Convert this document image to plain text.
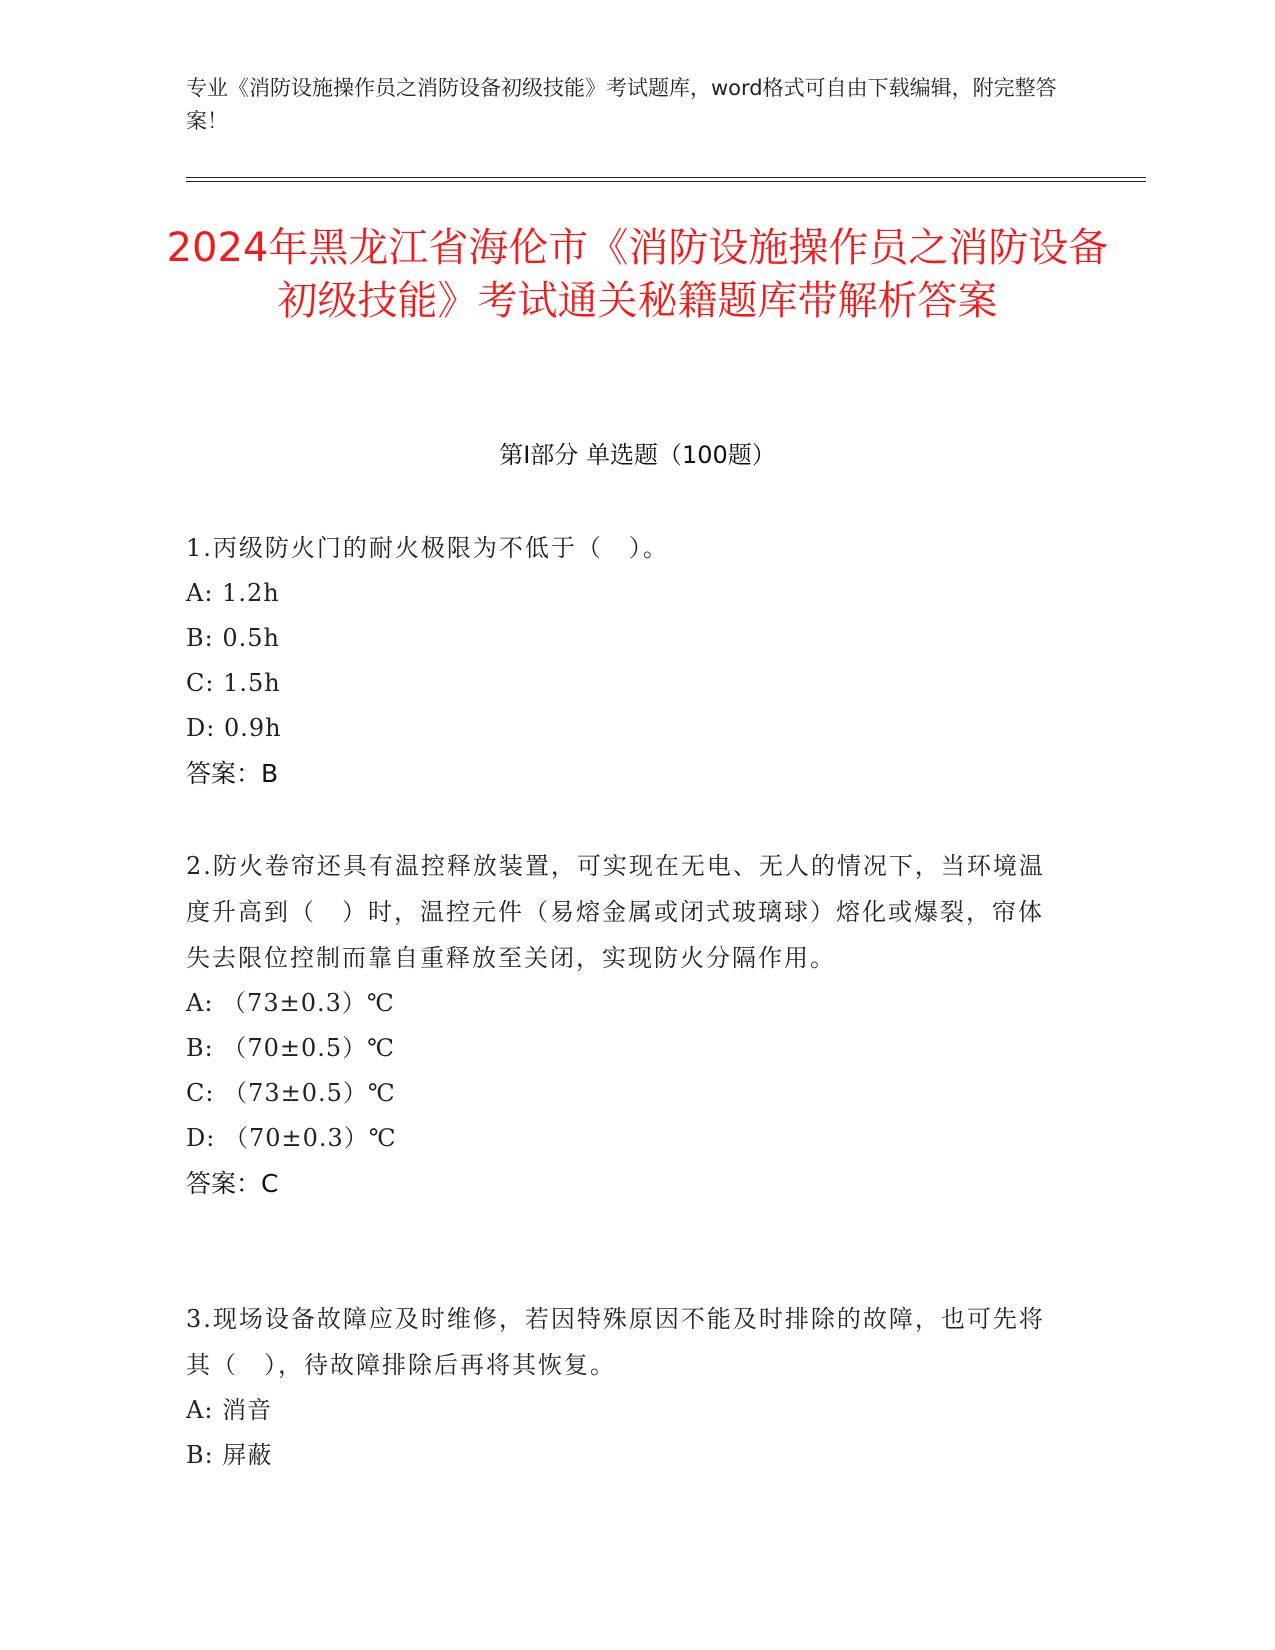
专业《消防设施操作员之消防设备初级技能》考试题库，word格式可自由下载编辑，附完整答案！
2024年黑龙江省海伦市《消防设施操作员之消防设备初级技能》考试通关秘籍题库带解析答案
第I部分 单选题（100题）
1.丙级防火门的耐火极限为不低于（　）。
A: 1.2h
B: 0.5h
C: 1.5h
D: 0.9h
答案：B
2.防火卷帘还具有温控释放装置，可实现在无电、无人的情况下，当环境温度升高到（　）时，温控元件（易熔金属或闭式玻璃球）熔化或爆裂，帘体失去限位控制而靠自重释放至关闭，实现防火分隔作用。
A: （73±0.3）℃
B: （70±0.5）℃
C: （73±0.5）℃
D: （70±0.3）℃
答案：C
3.现场设备故障应及时维修，若因特殊原因不能及时排除的故障，也可先将其（　），待故障排除后再将其恢复。
A: 消音
B: 屏蔽
